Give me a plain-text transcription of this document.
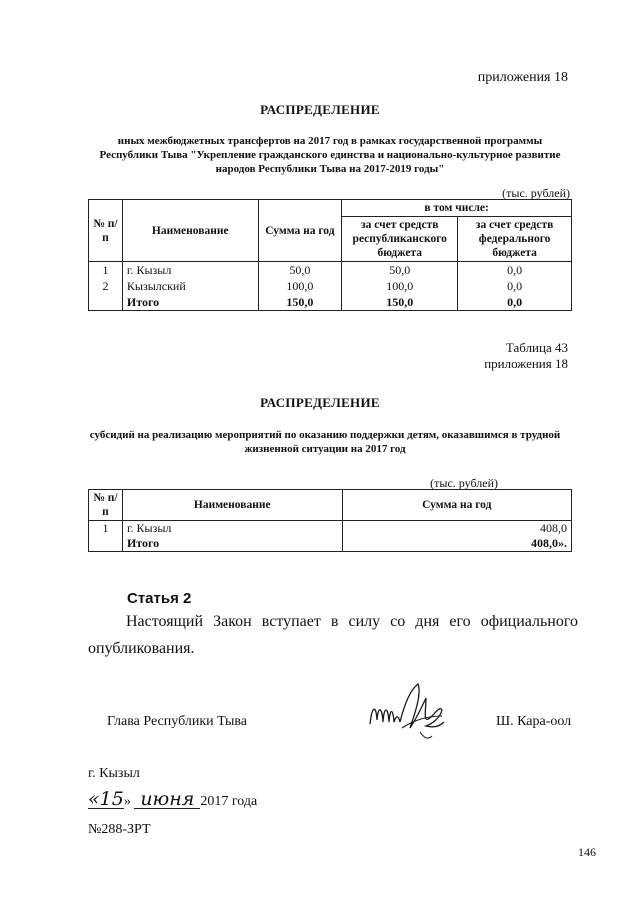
приложения 18
РАСПРЕДЕЛЕНИЕ
иных межбюджетных трансфертов на 2017 год в рамках государственной программы Республики Тыва "Укрепление гражданского единства и национально-культурное развитие народов Республики Тыва на 2017-2019 годы"
(тыс. рублей)
№ п/п	Наименование	Сумма на год	в том числе:	
			за счет средств республиканского бюджета	за счет средств федерального бюджета
1	г. Кызыл	50,0	50,0	0,0
2	Кызылский	100,0	100,0	0,0
	Итого	150,0	150,0	0,0
Таблица 43
приложения 18
РАСПРЕДЕЛЕНИЕ
субсидий на реализацию мероприятий по оказанию поддержки детям, оказавшимся в трудной жизненной ситуации на 2017 год
(тыс. рублей)
№ п/п	Наименование	Сумма на год
1	г. Кызыл	408,0
	Итого	408,0».
Статья 2
Настоящий Закон вступает в силу со дня его официального опубликования.
Глава Республики Тыва	Ш. Кара-оол
г. Кызыл
«15» июня 2017 года
№288-ЗРТ
146
